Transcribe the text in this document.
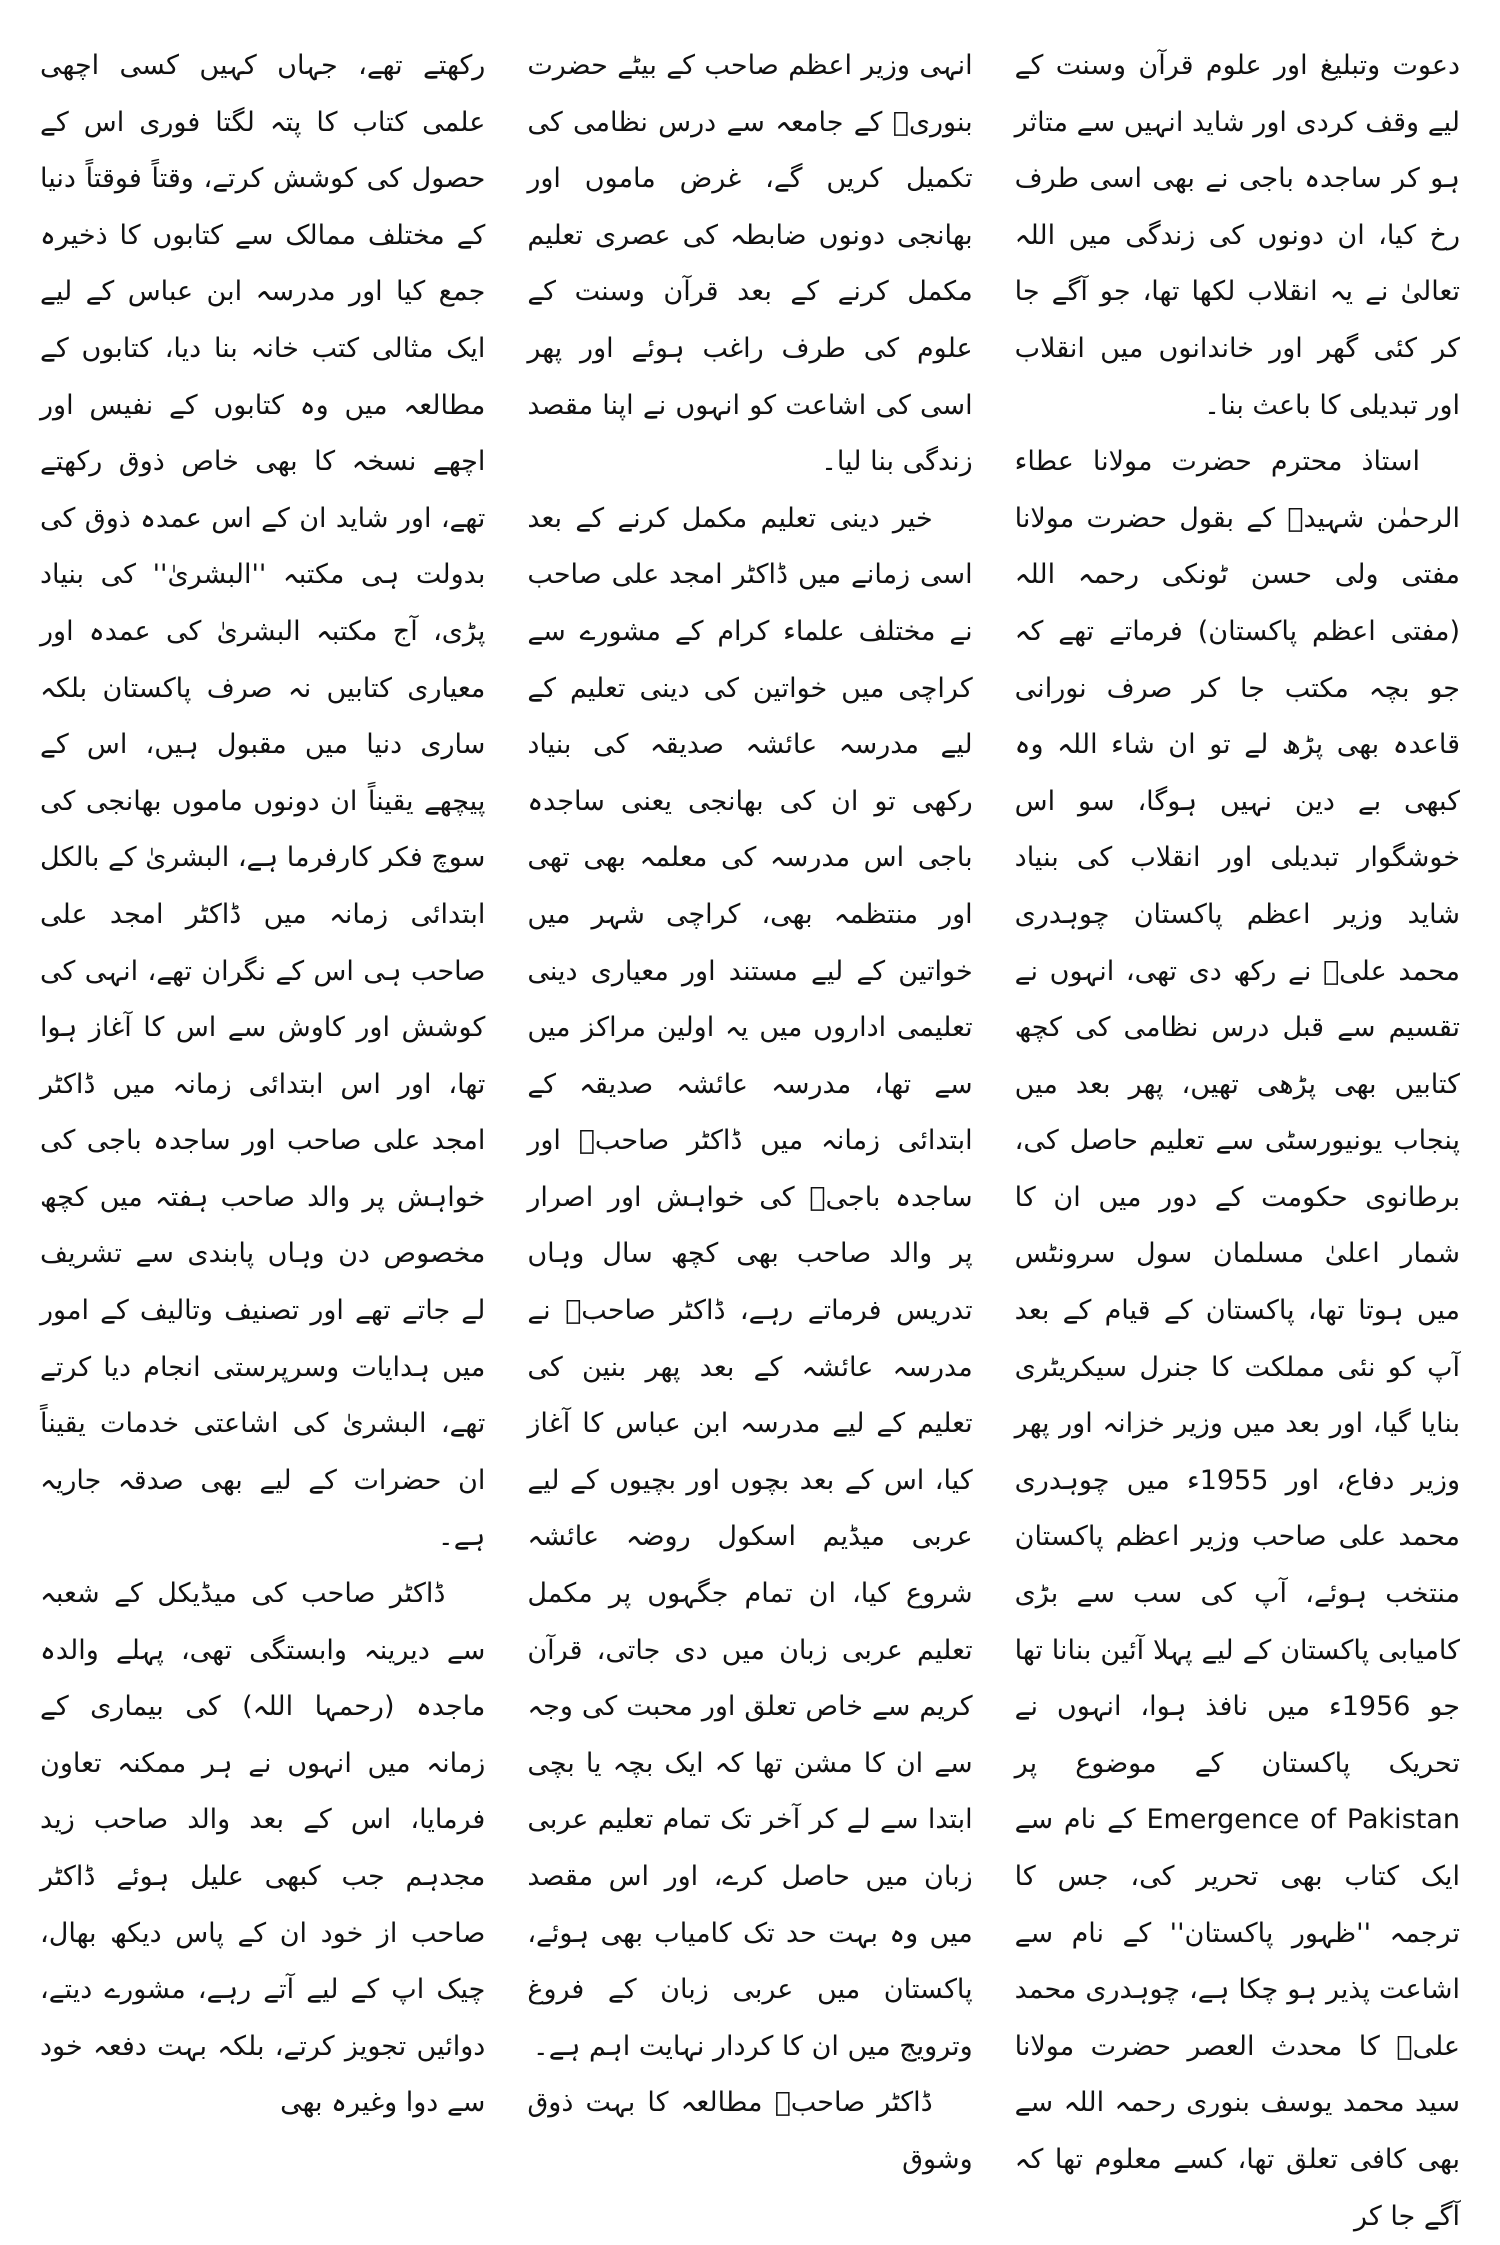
دعوت وتبلیغ اور علوم قرآن وسنت کے لیے وقف کردی اور شاید انہیں سے متاثر ہو کر ساجدہ باجی نے بھی اسی طرف رخ کیا، ان دونوں کی زندگی میں اللہ تعالیٰ نے یہ انقلاب لکھا تھا، جو آگے جا کر کئی گھر اور خاندانوں میں انقلاب اور تبدیلی کا باعث بنا۔

استاذ محترم حضرت مولانا عطاء الرحمٰن شہیدؒ کے بقول حضرت مولانا مفتی ولی حسن ٹونکی رحمہ اللہ (مفتی اعظم پاکستان) فرماتے تھے کہ جو بچہ مکتب جا کر صرف نورانی قاعدہ بھی پڑھ لے تو ان شاء اللہ وہ کبھی بے دین نہیں ہوگا، سو اس خوشگوار تبدیلی اور انقلاب کی بنیاد شاید وزیر اعظم پاکستان چوہدری محمد علیؒ نے رکھ دی تھی، انہوں نے تقسیم سے قبل درس نظامی کی کچھ کتابیں بھی پڑھی تھیں، پھر بعد میں پنجاب یونیورسٹی سے تعلیم حاصل کی، برطانوی حکومت کے دور میں ان کا شمار اعلیٰ مسلمان سول سرونٹس میں ہوتا تھا، پاکستان کے قیام کے بعد آپ کو نئی مملکت کا جنرل سیکریٹری بنایا گیا، اور بعد میں وزیر خزانہ اور پھر وزیر دفاع، اور 1955ء میں چوہدری محمد علی صاحب وزیر اعظم پاکستان منتخب ہوئے، آپ کی سب سے بڑی کامیابی پاکستان کے لیے پہلا آئین بنانا تھا جو 1956ء میں نافذ ہوا، انہوں نے تحریک پاکستان کے موضوع پر Emergence of Pakistan کے نام سے ایک کتاب بھی تحریر کی، جس کا ترجمہ ''ظہور پاکستان'' کے نام سے اشاعت پذیر ہو چکا ہے، چوہدری محمد علیؒ کا محدث العصر حضرت مولانا سید محمد یوسف بنوری رحمہ اللہ سے بھی کافی تعلق تھا، کسے معلوم تھا کہ آگے جا کر

انہی وزیر اعظم صاحب کے بیٹے حضرت بنوریؒ کے جامعہ سے درس نظامی کی تکمیل کریں گے، غرض ماموں اور بھانجی دونوں ضابطہ کی عصری تعلیم مکمل کرنے کے بعد قرآن وسنت کے علوم کی طرف راغب ہوئے اور پھر اسی کی اشاعت کو انہوں نے اپنا مقصد زندگی بنا لیا۔

خیر دینی تعلیم مکمل کرنے کے بعد اسی زمانے میں ڈاکٹر امجد علی صاحب نے مختلف علماء کرام کے مشورے سے کراچی میں خواتین کی دینی تعلیم کے لیے مدرسہ عائشہ صدیقہ کی بنیاد رکھی تو ان کی بھانجی یعنی ساجدہ باجی اس مدرسہ کی معلمہ بھی تھی اور منتظمہ بھی، کراچی شہر میں خواتین کے لیے مستند اور معیاری دینی تعلیمی اداروں میں یہ اولین مراکز میں سے تھا، مدرسہ عائشہ صدیقہ کے ابتدائی زمانہ میں ڈاکٹر صاحبؒ اور ساجدہ باجیؒ کی خواہش اور اصرار پر والد صاحب بھی کچھ سال وہاں تدریس فرماتے رہے، ڈاکٹر صاحبؒ نے مدرسہ عائشہ کے بعد پھر بنین کی تعلیم کے لیے مدرسہ ابن عباس کا آغاز کیا، اس کے بعد بچوں اور بچیوں کے لیے عربی میڈیم اسکول روضہ عائشہ شروع کیا، ان تمام جگہوں پر مکمل تعلیم عربی زبان میں دی جاتی، قرآن کریم سے خاص تعلق اور محبت کی وجہ سے ان کا مشن تھا کہ ایک بچہ یا بچی ابتدا سے لے کر آخر تک تمام تعلیم عربی زبان میں حاصل کرے، اور اس مقصد میں وہ بہت حد تک کامیاب بھی ہوئے، پاکستان میں عربی زبان کے فروغ وترویج میں ان کا کردار نہایت اہم ہے۔

ڈاکٹر صاحبؒ مطالعہ کا بہت ذوق وشوق

رکھتے تھے، جہاں کہیں کسی اچھی علمی کتاب کا پتہ لگتا فوری اس کے حصول کی کوشش کرتے، وقتاً فوقتاً دنیا کے مختلف ممالک سے کتابوں کا ذخیرہ جمع کیا اور مدرسہ ابن عباس کے لیے ایک مثالی کتب خانہ بنا دیا، کتابوں کے مطالعہ میں وہ کتابوں کے نفیس اور اچھے نسخہ کا بھی خاص ذوق رکھتے تھے، اور شاید ان کے اس عمدہ ذوق کی بدولت ہی مکتبہ ''البشریٰ'' کی بنیاد پڑی، آج مکتبہ البشریٰ کی عمدہ اور معیاری کتابیں نہ صرف پاکستان بلکہ ساری دنیا میں مقبول ہیں، اس کے پیچھے یقیناً ان دونوں ماموں بھانجی کی سوچ فکر کارفرما ہے، البشریٰ کے بالکل ابتدائی زمانہ میں ڈاکٹر امجد علی صاحب ہی اس کے نگران تھے، انہی کی کوشش اور کاوش سے اس کا آغاز ہوا تھا، اور اس ابتدائی زمانہ میں ڈاکٹر امجد علی صاحب اور ساجدہ باجی کی خواہش پر والد صاحب ہفتہ میں کچھ مخصوص دن وہاں پابندی سے تشریف لے جاتے تھے اور تصنیف وتالیف کے امور میں ہدایات وسرپرستی انجام دیا کرتے تھے، البشریٰ کی اشاعتی خدمات یقیناً ان حضرات کے لیے بھی صدقہ جاریہ ہے۔

ڈاکٹر صاحب کی میڈیکل کے شعبہ سے دیرینہ وابستگی تھی، پہلے والدہ ماجدہ (رحمہا اللہ) کی بیماری کے زمانہ میں انہوں نے ہر ممکنہ تعاون فرمایا، اس کے بعد والد صاحب زید مجدہم جب کبھی علیل ہوئے ڈاکٹر صاحب از خود ان کے پاس دیکھ بھال، چیک اپ کے لیے آتے رہے، مشورے دیتے، دوائیں تجویز کرتے، بلکہ بہت دفعہ خود سے دوا وغیرہ بھی
